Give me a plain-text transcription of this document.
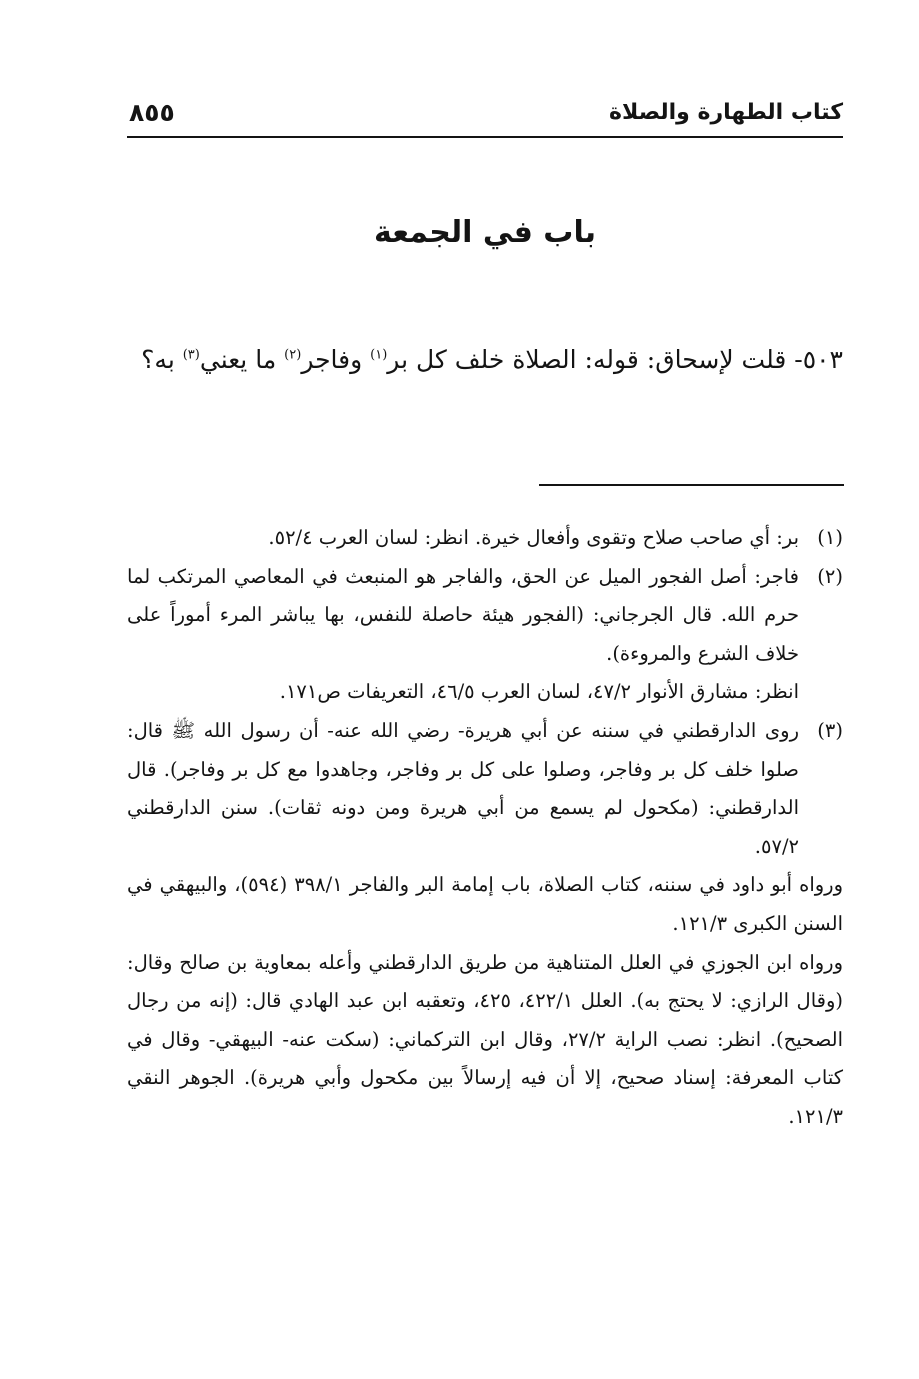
كتاب الطهارة والصلاة
٨٥٥
باب في الجمعة

٥٠٣- قلت لإسحاق: قوله: الصلاة خلف كل بر$^{(١)}$ وفاجر$^{(٢)}$ ما يعني$^{(٣)}$ به؟

(١)
بر: أي صاحب صلاح وتقوى وأفعال خيرة. انظر: لسان العرب ٥٢/٤.

(٢)
فاجر: أصل الفجور الميل عن الحق، والفاجر هو المنبعث في المعاصي المرتكب لما حرم الله. قال الجرجاني: (الفجور هيئة حاصلة للنفس، بها يباشر المرء أموراً على خلاف الشرع والمروءة).

انظر: مشارق الأنوار ٤٧/٢، لسان العرب ٤٦/٥، التعريفات ص١٧١.

(٣)
روى الدارقطني في سننه عن أبي هريرة- رضي الله عنه- أن رسول الله ﷺ قال: صلوا خلف كل بر وفاجر، وصلوا على كل بر وفاجر، وجاهدوا مع كل بر وفاجر). قال الدارقطني: (مكحول لم يسمع من أبي هريرة ومن دونه ثقات). سنن الدارقطني ٥٧/٢.

ورواه أبو داود في سننه، كتاب الصلاة، باب إمامة البر والفاجر ٣٩٨/١ (٥٩٤)، والبيهقي في السنن الكبرى ١٢١/٣.

ورواه ابن الجوزي في العلل المتناهية من طريق الدارقطني وأعله بمعاوية بن صالح وقال: (وقال الرازي: لا يحتج به). العلل ٤٢٢/١، ٤٢٥، وتعقبه ابن عبد الهادي قال: (إنه من رجال الصحيح). انظر: نصب الراية ٢٧/٢، وقال ابن التركماني: (سكت عنه- البيهقي- وقال في كتاب المعرفة: إسناد صحيح، إلا أن فيه إرسالاً بين مكحول وأبي هريرة). الجوهر النقي ١٢١/٣.
